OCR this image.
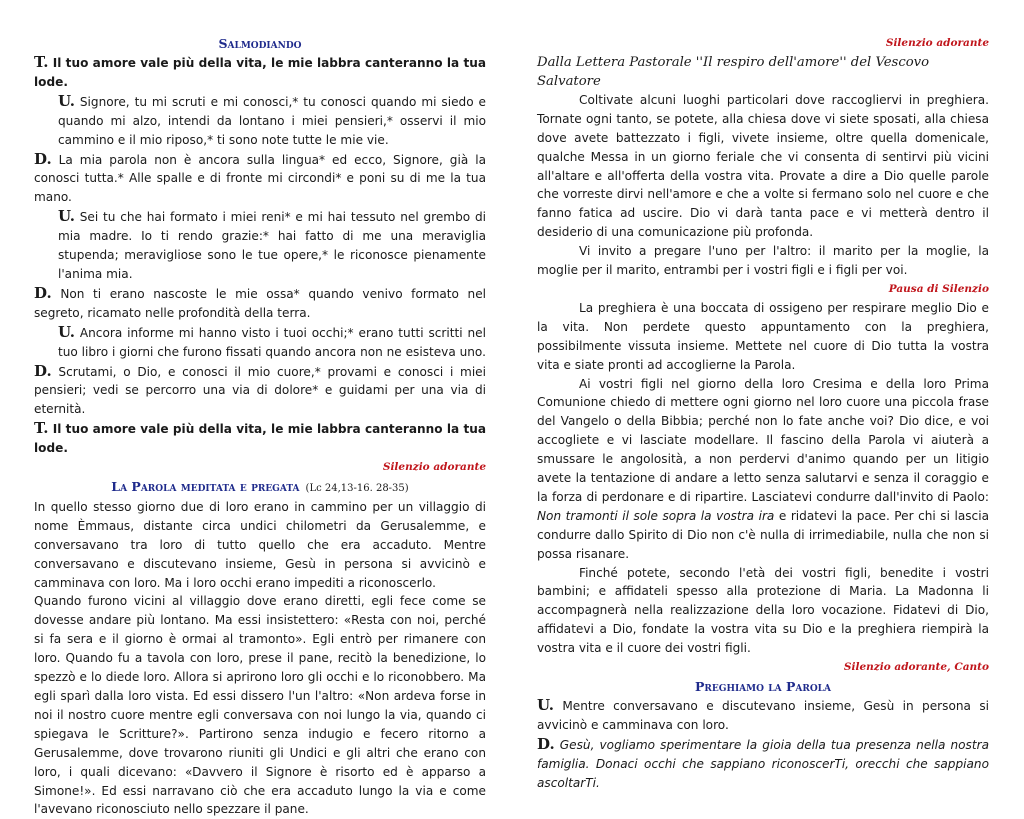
Salmodiando

T. Il tuo amore vale più della vita, le mie labbra canteranno la tua lode.

U. Signore, tu mi scruti e mi conosci,* tu conosci quando mi siedo e quando mi alzo, intendi da lontano i miei pensieri,* osservi il mio cammino e il mio riposo,* ti sono note tutte le mie vie.

D. La mia parola non è ancora sulla lingua* ed ecco, Signore, già la conosci tutta.* Alle spalle e di fronte mi circondi* e poni su di me la tua mano.

U. Sei tu che hai formato i miei reni* e mi hai tessuto nel grembo di mia madre. Io ti rendo grazie:* hai fatto di me una meraviglia stupenda; meravigliose sono le tue opere,* le riconosce pienamente l'anima mia.

D. Non ti erano nascoste le mie ossa* quando venivo formato nel segreto, ricamato nelle profondità della terra.

U. Ancora informe mi hanno visto i tuoi occhi;* erano tutti scritti nel tuo libro i giorni che furono fissati quando ancora non ne esisteva uno.

D. Scrutami, o Dio, e conosci il mio cuore,* provami e conosci i miei pensieri; vedi se percorro una via di dolore* e guidami per una via di eternità.

T. Il tuo amore vale più della vita, le mie labbra canteranno la tua lode.

Silenzio adorante
La Parola meditata e pregata (Lc 24,13-16. 28-35)

In quello stesso giorno due di loro erano in cammino per un villaggio di nome Èmmaus, distante circa undici chilometri da Gerusalemme, e conversavano tra loro di tutto quello che era accaduto. Mentre conversavano e discutevano insieme, Gesù in persona si avvicinò e camminava con loro. Ma i loro occhi erano impediti a riconoscerlo.

Quando furono vicini al villaggio dove erano diretti, egli fece come se dovesse andare più lontano. Ma essi insistettero: «Resta con noi, perché si fa sera e il giorno è ormai al tramonto». Egli entrò per rimanere con loro. Quando fu a tavola con loro, prese il pane, recitò la benedizione, lo spezzò e lo diede loro. Allora si aprirono loro gli occhi e lo riconobbero. Ma egli sparì dalla loro vista. Ed essi dissero l'un l'altro: «Non ardeva forse in noi il nostro cuore mentre egli conversava con noi lungo la via, quando ci spiegava le Scritture?». Partirono senza indugio e fecero ritorno a Gerusalemme, dove trovarono riuniti gli Undici e gli altri che erano con loro, i quali dicevano: «Davvero il Signore è risorto ed è apparso a Simone!». Ed essi narravano ciò che era accaduto lungo la via e come l'avevano riconosciuto nello spezzare il pane.

Silenzio adorante
Dalla Lettera Pastorale ''Il respiro dell'amore'' del Vescovo Salvatore

Coltivate alcuni luoghi particolari dove raccogliervi in preghiera. Tornate ogni tanto, se potete, alla chiesa dove vi siete sposati, alla chiesa dove avete battezzato i figli, vivete insieme, oltre quella domenicale, qualche Messa in un giorno feriale che vi consenta di sentirvi più vicini all'altare e all'offerta della vostra vita. Provate a dire a Dio quelle parole che vorreste dirvi nell'amore e che a volte si fermano solo nel cuore e che fanno fatica ad uscire. Dio vi darà tanta pace e vi metterà dentro il desiderio di una comunicazione più profonda.

Vi invito a pregare l'uno per l'altro: il marito per la moglie, la moglie per il marito, entrambi per i vostri figli e i figli per voi.

Pausa di Silenzio

La preghiera è una boccata di ossigeno per respirare meglio Dio e la vita. Non perdete questo appuntamento con la preghiera, possibilmente vissuta insieme. Mettete nel cuore di Dio tutta la vostra vita e siate pronti ad accoglierne la Parola.

Ai vostri figli nel giorno della loro Cresima e della loro Prima Comunione chiedo di mettere ogni giorno nel loro cuore una piccola frase del Vangelo o della Bibbia; perché non lo fate anche voi? Dio dice, e voi accogliete e vi lasciate modellare. Il fascino della Parola vi aiuterà a smussare le angolosità, a non perdervi d'animo quando per un litigio avete la tentazione di andare a letto senza salutarvi e senza il coraggio e la forza di perdonare e di ripartire. Lasciatevi condurre dall'invito di Paolo: Non tramonti il sole sopra la vostra ira e ridatevi la pace. Per chi si lascia condurre dallo Spirito di Dio non c'è nulla di irrimediabile, nulla che non si possa risanare.

Finché potete, secondo l'età dei vostri figli, benedite i vostri bambini; e affidateli spesso alla protezione di Maria. La Madonna li accompagnerà nella realizzazione della loro vocazione. Fidatevi di Dio, affidatevi a Dio, fondate la vostra vita su Dio e la preghiera riempirà la vostra vita e il cuore dei vostri figli.

Silenzio adorante, Canto
Preghiamo la Parola

U. Mentre conversavano e discutevano insieme, Gesù in persona si avvicinò e camminava con loro.

D. Gesù, vogliamo sperimentare la gioia della tua presenza nella nostra famiglia. Donaci occhi che sappiano riconoscerTi, orecchi che sappiano ascoltarTi.
